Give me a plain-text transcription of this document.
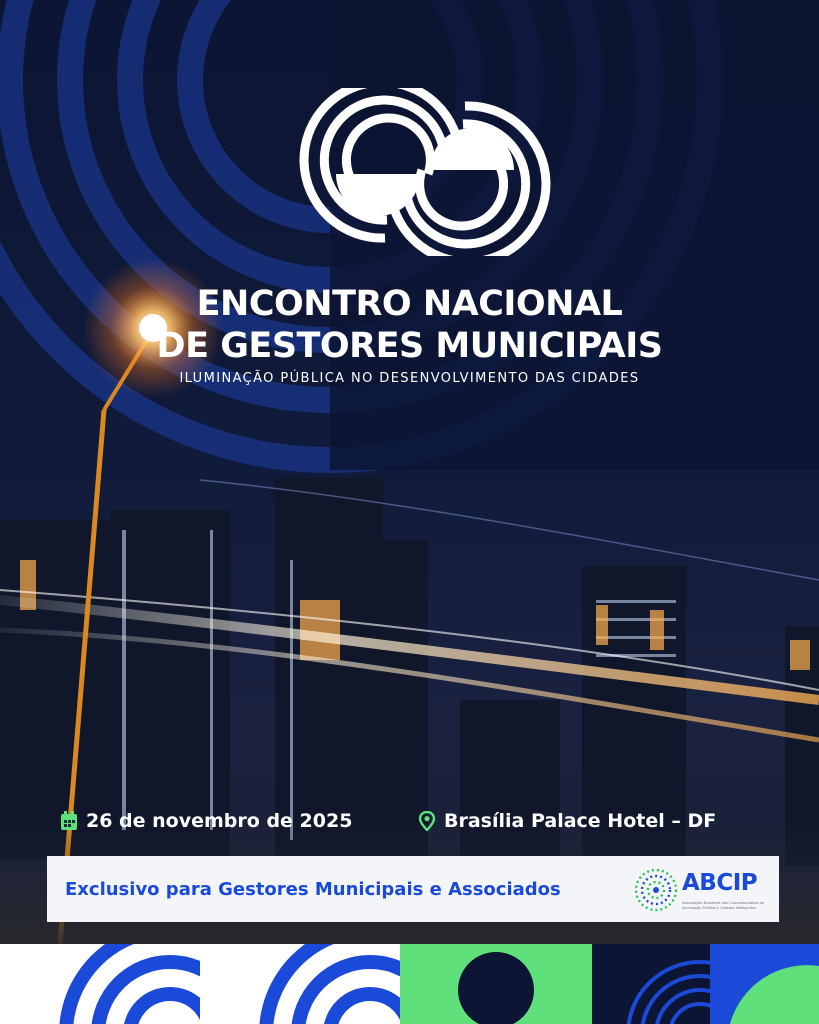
ENCONTRO NACIONAL
DE GESTORES MUNICIPAIS
ILUMINAÇÃO PÚBLICA NO DESENVOLVIMENTO DAS CIDADES
26 de novembro de 2025	Brasília Palace Hotel – DF
Exclusivo para Gestores Municipais e Associados	ABCIP
Associação Brasileira das Concessionárias de Iluminação Pública e Cidades Inteligentes
